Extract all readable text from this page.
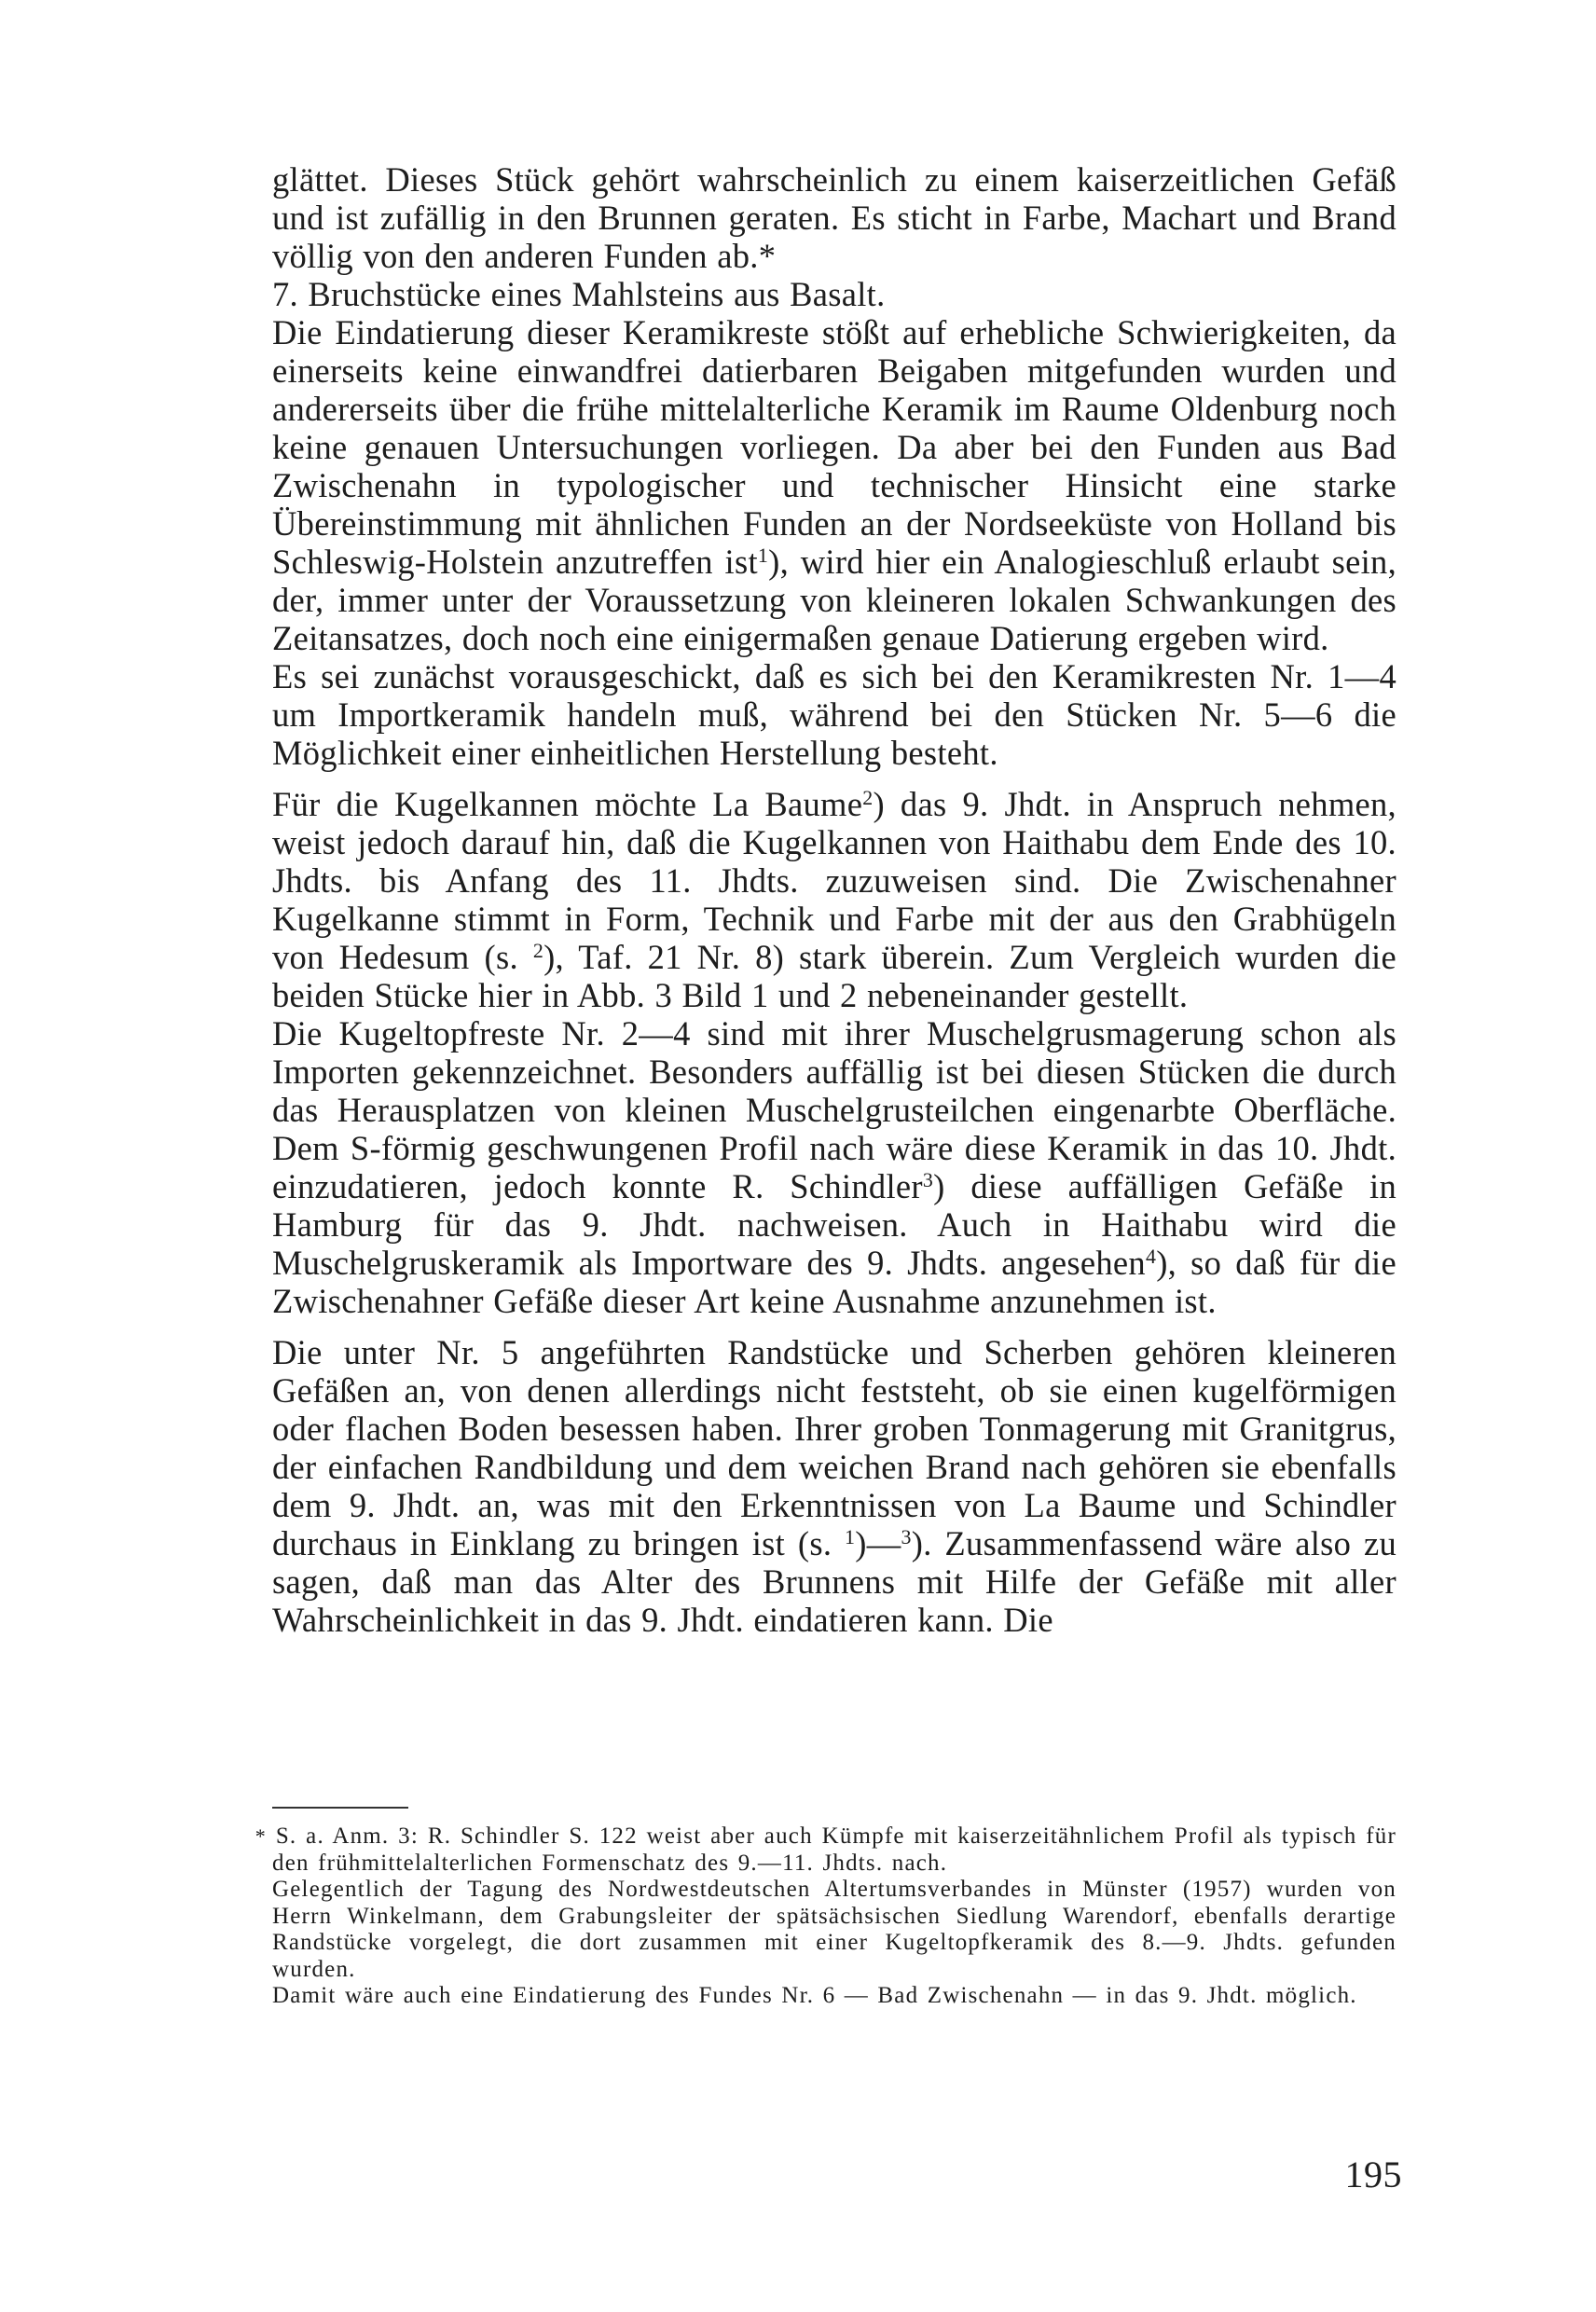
glättet. Dieses Stück gehört wahrscheinlich zu einem kaiserzeitlichen Gefäß und ist zufällig in den Brunnen geraten. Es sticht in Farbe, Machart und Brand völlig von den anderen Funden ab.*

7. Bruchstücke eines Mahlsteins aus Basalt.

Die Eindatierung dieser Keramikreste stößt auf erhebliche Schwierigkeiten, da einerseits keine einwandfrei datierbaren Beigaben mitgefunden wurden und andererseits über die frühe mittelalterliche Keramik im Raume Oldenburg noch keine genauen Untersuchungen vorliegen. Da aber bei den Funden aus Bad Zwischenahn in typologischer und technischer Hinsicht eine starke Übereinstimmung mit ähnlichen Funden an der Nordseeküste von Holland bis Schleswig-Holstein anzutreffen ist$^1$), wird hier ein Analogieschluß erlaubt sein, der, immer unter der Voraussetzung von kleineren lokalen Schwankungen des Zeitansatzes, doch noch eine einigermaßen genaue Datierung ergeben wird.

Es sei zunächst vorausgeschickt, daß es sich bei den Keramikresten Nr. 1—4 um Importkeramik handeln muß, während bei den Stücken Nr. 5—6 die Möglichkeit einer einheitlichen Herstellung besteht.

Für die Kugelkannen möchte La Baume$^2$) das 9. Jhdt. in Anspruch nehmen, weist jedoch darauf hin, daß die Kugelkannen von Haithabu dem Ende des 10. Jhdts. bis Anfang des 11. Jhdts. zuzuweisen sind. Die Zwischenahner Kugelkanne stimmt in Form, Technik und Farbe mit der aus den Grabhügeln von Hedesum (s. $^2$), Taf. 21 Nr. 8) stark überein. Zum Vergleich wurden die beiden Stücke hier in Abb. 3 Bild 1 und 2 nebeneinander gestellt.

Die Kugeltopfreste Nr. 2—4 sind mit ihrer Muschelgrusmagerung schon als Importen gekennzeichnet. Besonders auffällig ist bei diesen Stücken die durch das Herausplatzen von kleinen Muschelgrusteilchen eingenarbte Oberfläche. Dem S-förmig geschwungenen Profil nach wäre diese Keramik in das 10. Jhdt. einzudatieren, jedoch konnte R. Schindler$^3$) diese auffälligen Gefäße in Hamburg für das 9. Jhdt. nachweisen. Auch in Haithabu wird die Muschelgruskeramik als Importware des 9. Jhdts. angesehen$^4$), so daß für die Zwischenahner Gefäße dieser Art keine Ausnahme anzunehmen ist.

Die unter Nr. 5 angeführten Randstücke und Scherben gehören kleineren Gefäßen an, von denen allerdings nicht feststeht, ob sie einen kugelförmigen oder flachen Boden besessen haben. Ihrer groben Tonmagerung mit Granitgrus, der einfachen Randbildung und dem weichen Brand nach gehören sie ebenfalls dem 9. Jhdt. an, was mit den Erkenntnissen von La Baume und Schindler durchaus in Einklang zu bringen ist (s. $^1$)—$^3$). Zusammenfassend wäre also zu sagen, daß man das Alter des Brunnens mit Hilfe der Gefäße mit aller Wahrscheinlichkeit in das 9. Jhdt. eindatieren kann. Die

* S. a. Anm. 3: R. Schindler S. 122 weist aber auch Kümpfe mit kaiserzeitähnlichem Profil als typisch für den frühmittelalterlichen Formenschatz des 9.—11. Jhdts. nach.

Gelegentlich der Tagung des Nordwestdeutschen Altertumsverbandes in Münster (1957) wurden von Herrn Winkelmann, dem Grabungsleiter der spätsächsischen Siedlung Warendorf, ebenfalls derartige Randstücke vorgelegt, die dort zusammen mit einer Kugeltopfkeramik des 8.—9. Jhdts. gefunden wurden.

Damit wäre auch eine Eindatierung des Fundes Nr. 6 — Bad Zwischenahn — in das 9. Jhdt. möglich.

195
